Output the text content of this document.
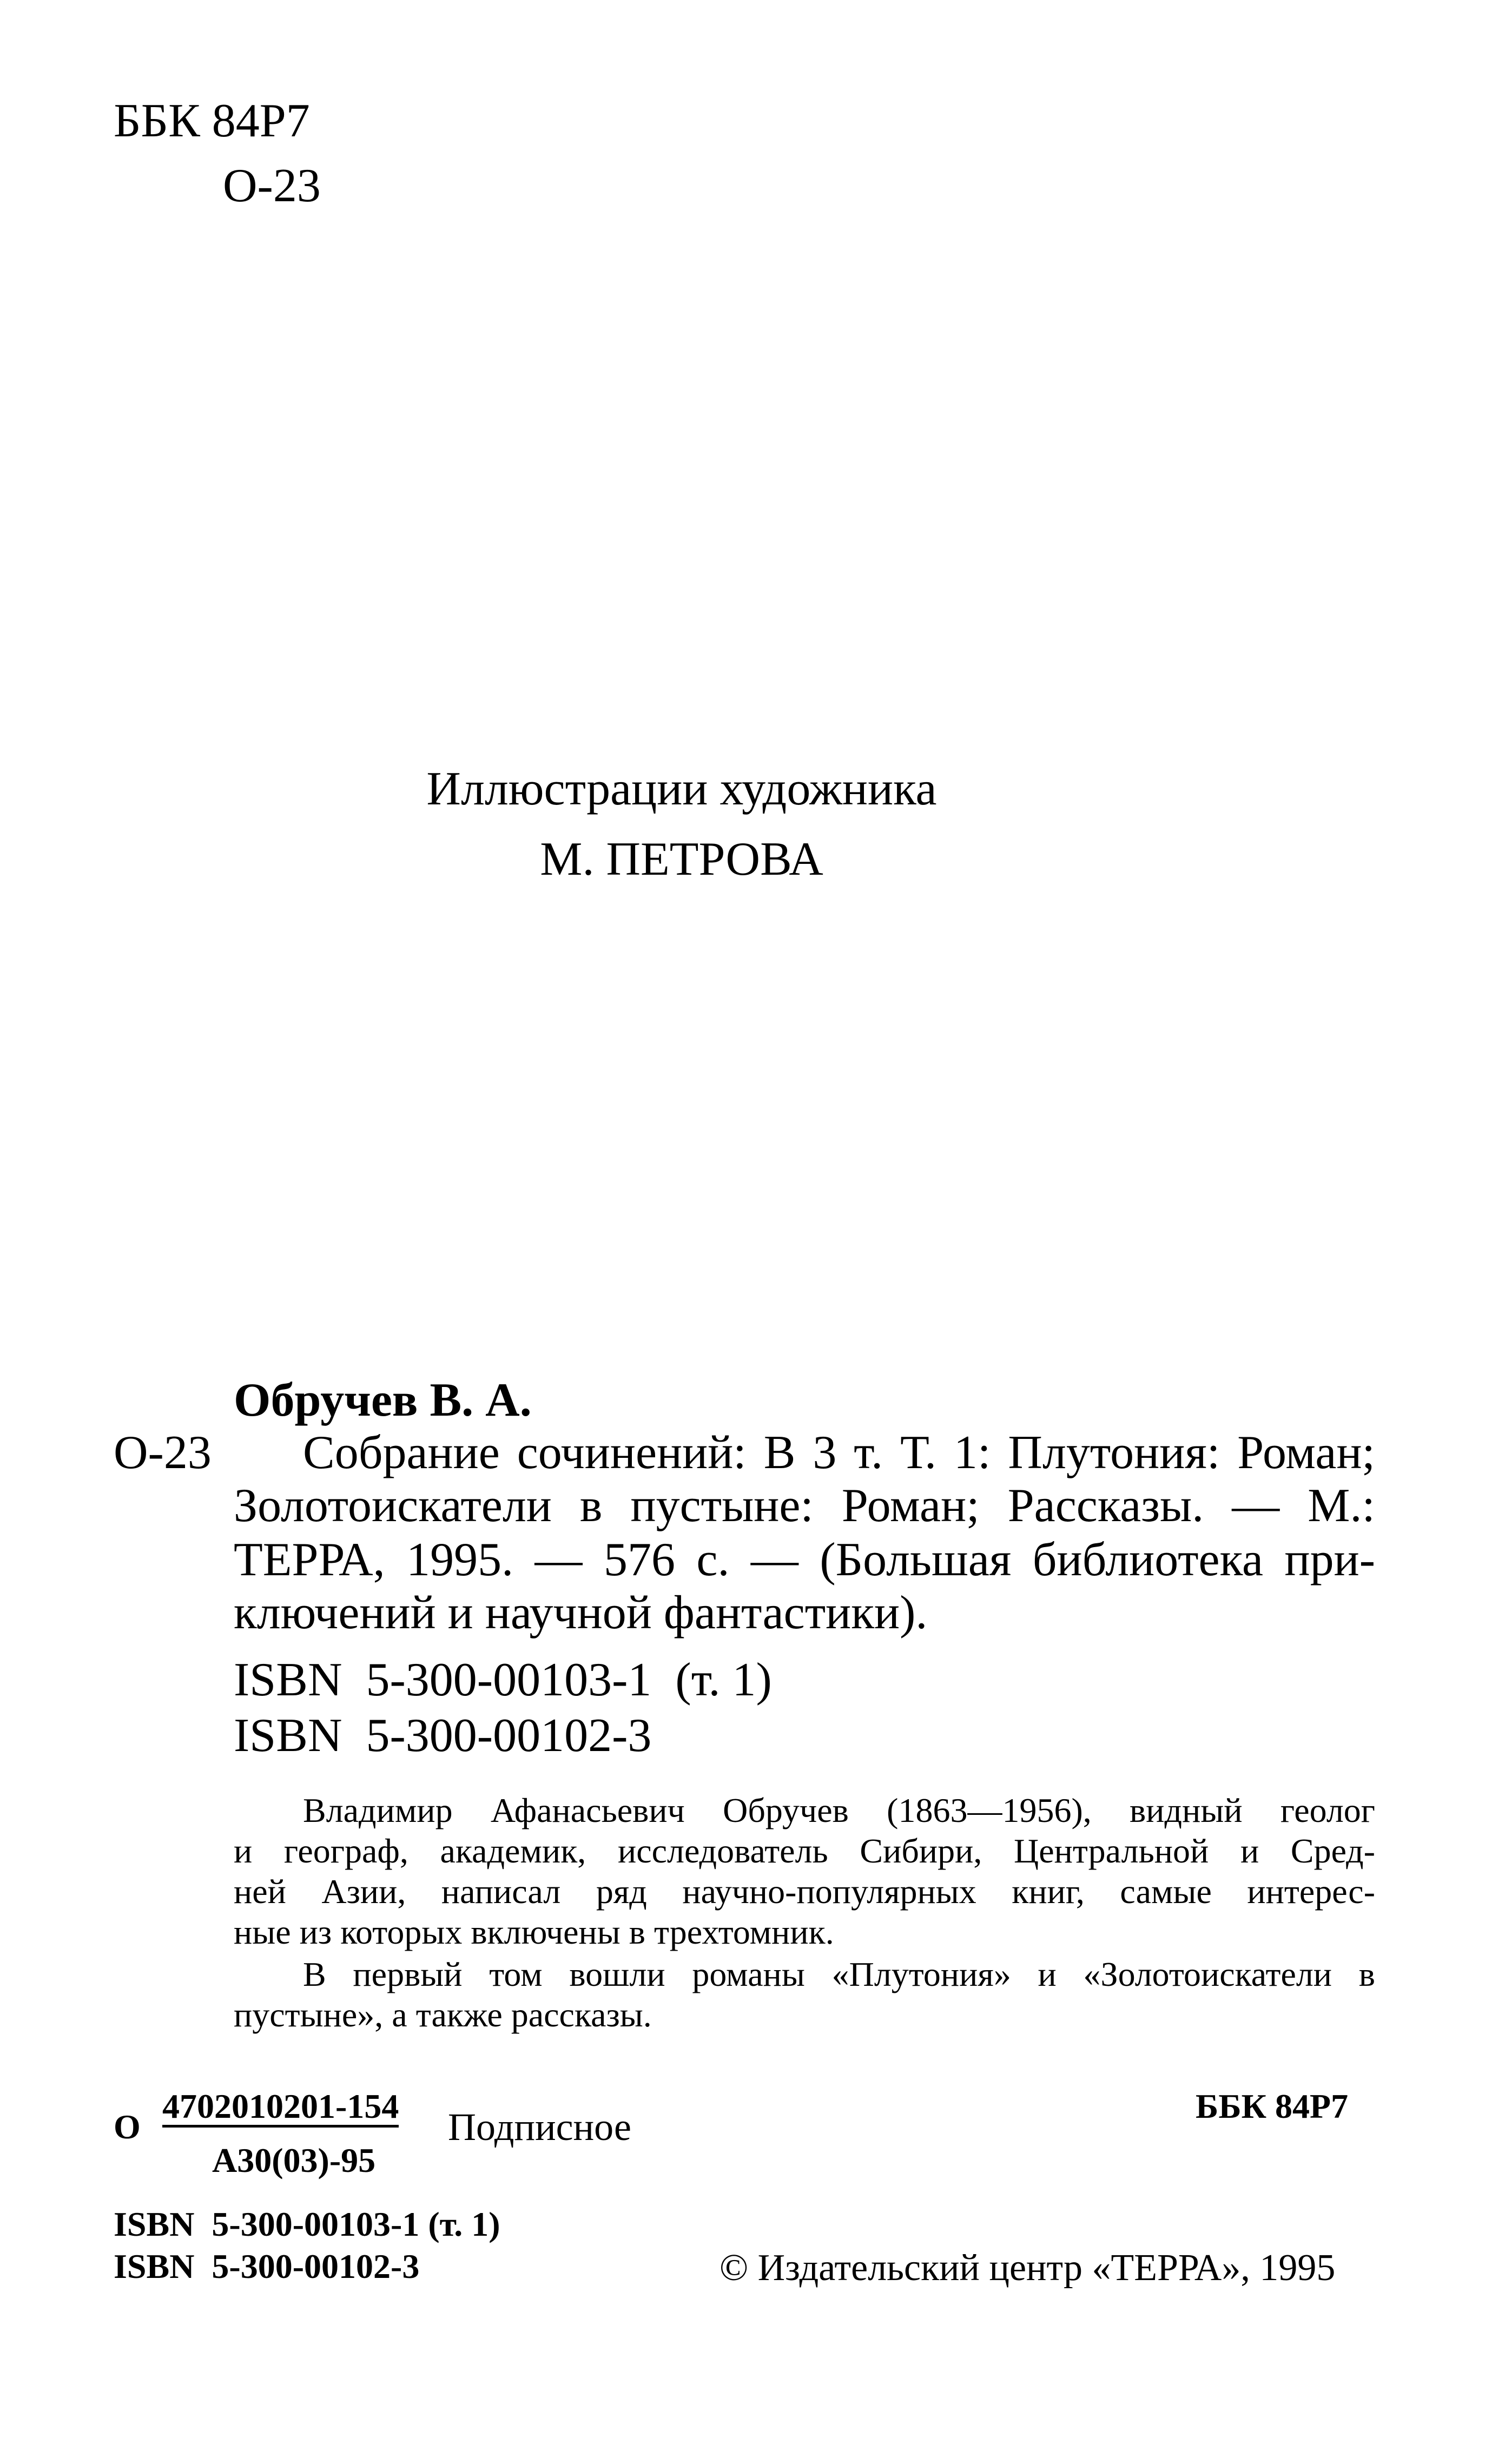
ББК 84Р7
О-23
Иллюстрации художника
М. ПЕТРОВА
Обручев В. А.
О-23 Собрание сочинений: В 3 т. Т. 1: Плутония: Роман;
Золотоискатели в пустыне: Роман; Рассказы. — М.:
ТЕРРА, 1995. — 576 с. — (Большая библиотека при-
ключений и научной фантастики).
ISBN  5-300-00103-1  (т. 1)
ISBN  5-300-00102-3
Владимир Афанасьевич Обручев (1863—1956), видный геолог
и географ, академик, исследователь Сибири, Центральной и Сред-
ней Азии, написал ряд научно-популярных книг, самые интерес-
ные из которых включены в трехтомник.
В первый том вошли романы «Плутония» и «Золотоискатели в
пустыне», а также рассказы.
О
4702010201-154 Подписное
А30(03)-95
ББК 84Р7
ISBN  5-300-00103-1 (т. 1)
ISBN  5-300-00102-3	© Издательский центр «ТЕРРА», 1995
